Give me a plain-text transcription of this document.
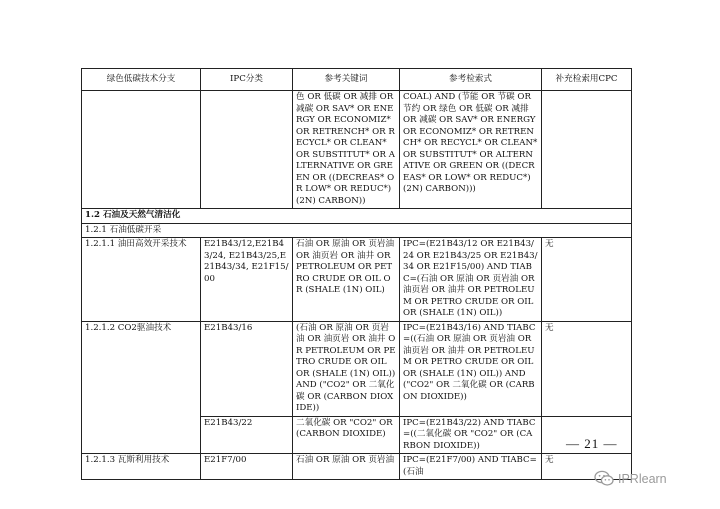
绿色低碳技术分支	IPC分类	参考关键词	参考检索式	补充检索用CPC
		色 OR 低碳 OR 减排 OR 减碳 OR SAV* OR ENERGY OR ECONOMIZ* OR RETRENCH* OR RECYCL* OR CLEAN* OR SUBSTITUT* OR ALTERNATIVE OR GREEN OR ((DECREAS* OR LOW* OR REDUC*) (2N) CARBON))	COAL) AND (节能 OR 节碳 OR 节约 OR 绿色 OR 低碳 OR 减排 OR 减碳 OR SAV* OR ENERGY OR ECONOMIZ* OR RETRENCH* OR RECYCL* OR CLEAN* OR SUBSTITUT* OR ALTERNATIVE OR GREEN OR ((DECREAS* OR LOW* OR REDUC*) (2N) CARBON)))	
1.2 石油及天然气清洁化				
1.2.1 石油低碳开采				
1.2.1.1 油田高效开采技术	E21B43/12,E21B43/24, E21B43/25,E21B43/34, E21F15/00	石油 OR 原油 OR 页岩油 OR 油页岩 OR 油井 OR PETROLEUM OR PETRO CRUDE OR OIL OR (SHALE (1N) OIL)	IPC=(E21B43/12 OR E21B43/24 OR E21B43/25 OR E21B43/34 OR E21F15/00) AND TIABC=(石油 OR 原油 OR 页岩油 OR 油页岩 OR 油井 OR PETROLEUM OR PETRO CRUDE OR OIL OR (SHALE (1N) OIL))	无
1.2.1.2 CO2驱油技术	E21B43/16	(石油 OR 原油 OR 页岩油 OR 油页岩 OR 油井 OR PETROLEUM OR PETRO CRUDE OR OIL OR (SHALE (1N) OIL)) AND ("CO2" OR 二氧化碳 OR (CARBON DIOXIDE))	IPC=(E21B43/16) AND TIABC=((石油 OR 原油 OR 页岩油 OR 油页岩 OR 油井 OR PETROLEUM OR PETRO CRUDE OR OIL OR (SHALE (1N) OIL)) AND ("CO2" OR 二氧化碳 OR (CARBON DIOXIDE))	无
	E21B43/22	二氧化碳 OR "CO2" OR (CARBON DIOXIDE)	IPC=(E21B43/22) AND TIABC=((二氧化碳 OR "CO2" OR (CARBON DIOXIDE))	
1.2.1.3 瓦斯利用技术	E21F7/00	石油 OR 原油 OR 页岩油	IPC=(E21F7/00) AND TIABC=(石油	无
— 21 —
IPRlearn
